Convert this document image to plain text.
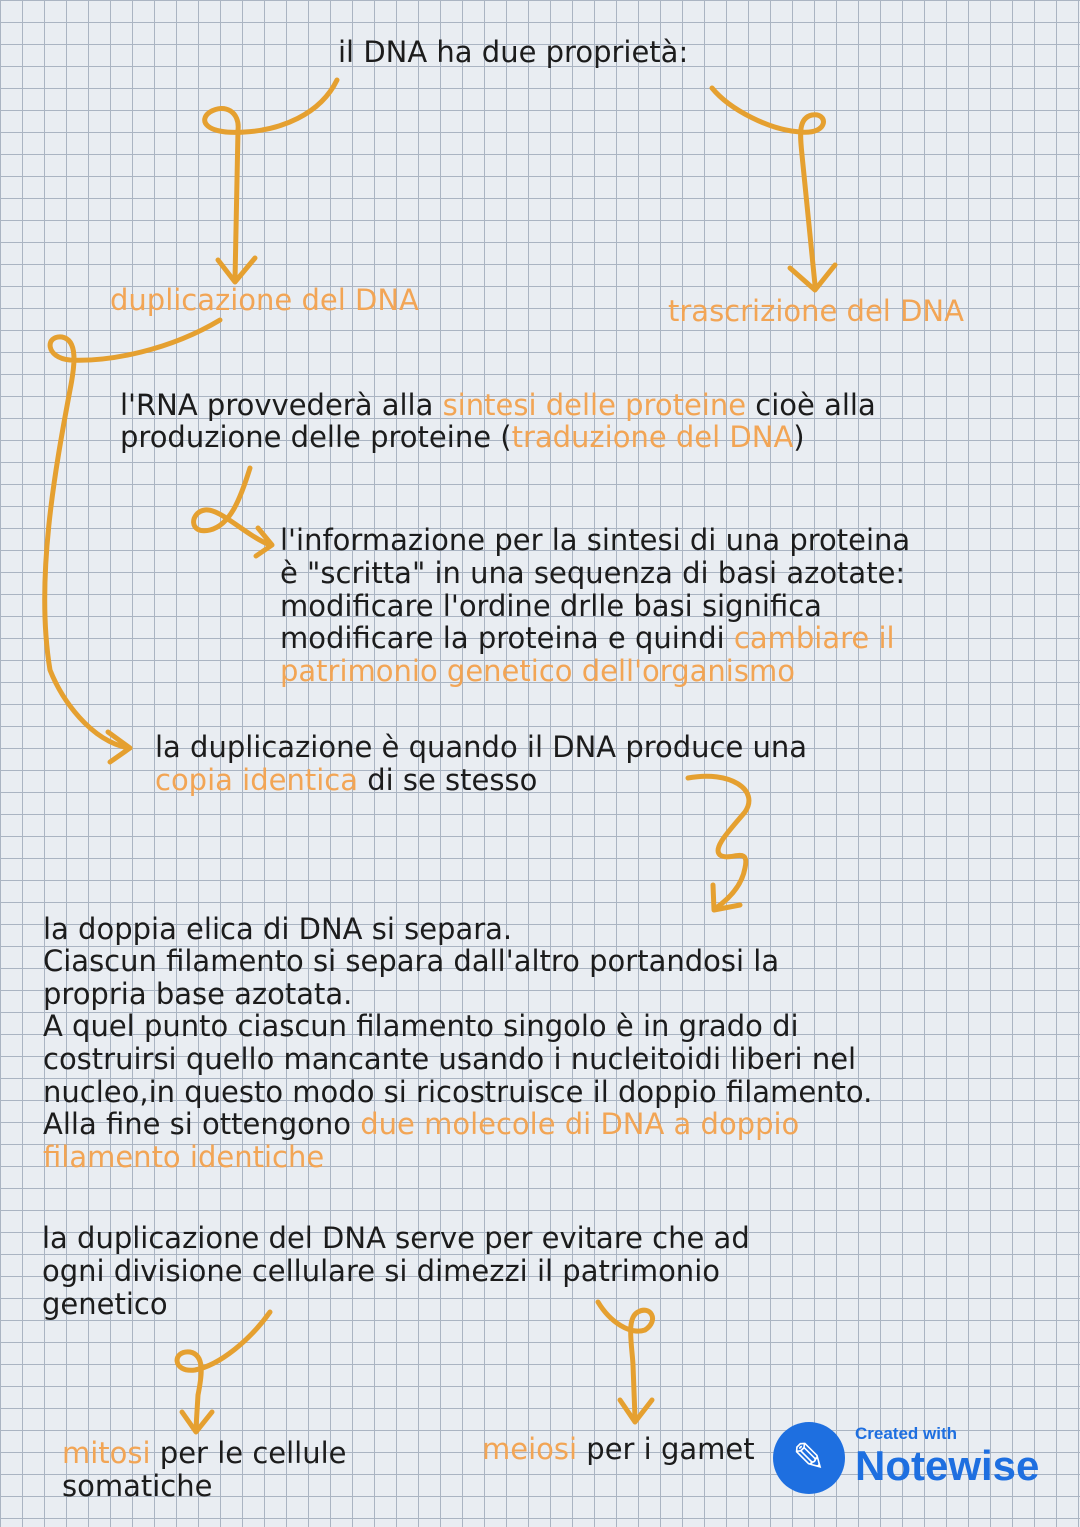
il DNA ha due proprietà:
duplicazione del DNA	trascrizione del DNA
l'RNA provvederà alla sintesi delle proteine cioè alla
produzione delle proteine (traduzione del DNA)
l'informazione per la sintesi di una proteina
è "scritta" in una sequenza di basi azotate:
modificare l'ordine drlle basi significa
modificare la proteina e quindi cambiare il
patrimonio genetico dell'organismo
la duplicazione è quando il DNA produce una
copia identica di se stesso
la doppia elica di DNA si separa.
Ciascun filamento si separa dall'altro portandosi la
propria base azotata.
A quel punto ciascun filamento singolo è in grado di
costruirsi quello mancante usando i nucleitoidi liberi nel
nucleo,in questo modo si ricostruisce il doppio filamento.
Alla fine si ottengono due molecole di DNA a doppio
filamento identiche
la duplicazione del DNA serve per evitare che ad
ogni divisione cellulare si dimezzi il patrimonio
genetico
mitosi per le cellule
somatiche
meiosi per i gamet ✎
Created with
Notewise
